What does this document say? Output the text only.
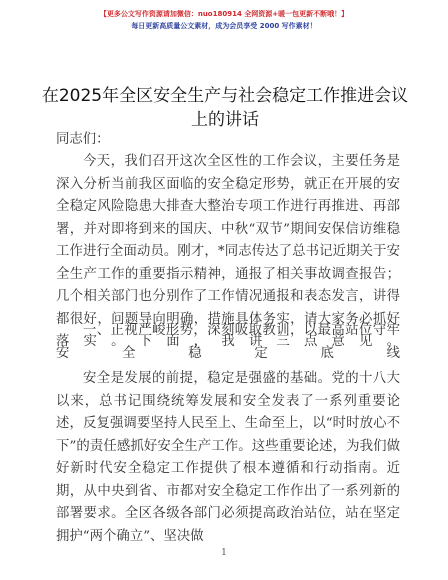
【更多公文写作资源请加微信：nuo180914 全网资源+暖一包更新不断哦！】
每日更新高质量公文素材，成为会员享受 2000 写作素材！
在2025年全区安全生产与社会稳定工作推进会议上的讲话
同志们：
今天，我们召开这次全区性的工作会议，主要任务是深入分析当前我区面临的安全稳定形势，就正在开展的安全稳定风险隐患大排查大整治专项工作进行再推进、再部署，并对即将到来的国庆、中秋“双节”期间安保信访维稳工作进行全面动员。刚才，*同志传达了总书记近期关于安全生产工作的重要指示精神，通报了相关事故调查报告；几个相关部门也分别作了工作情况通报和表态发言，讲得都很好，问题导向明确，措施具体务实，请大家务必抓好落实。下面，我讲三点意见。
一、正视严峻形势，深刻吸取教训，以最高站位守牢安全稳定底线
安全是发展的前提，稳定是强盛的基础。党的十八大以来，总书记围绕统筹发展和安全发表了一系列重要论述，反复强调要坚持人民至上、生命至上，以“时时放心不下”的责任感抓好安全生产工作。这些重要论述，为我们做好新时代安全稳定工作提供了根本遵循和行动指南。近期，从中央到省、市都对安全稳定工作作出了一系列新的部署要求。全区各级各部门必须提高政治站位，站在坚定拥护“两个确立”、坚决做
1
